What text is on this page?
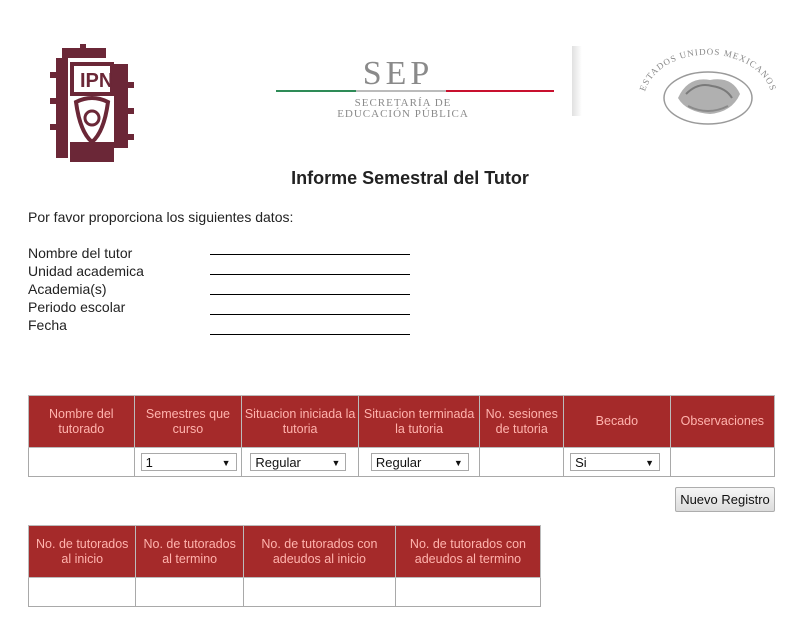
IPN	SEP
SECRETARÍA DE
EDUCACIÓN PÚBLICA
ESTADOS UNIDOS MEXICANOS
Informe Semestral del Tutor
Por favor proporciona los siguientes datos:
Nombre del tutor
Unidad academica
Academia(s)
Periodo escolar
Fecha
Nombre del tutorado	Semestres que curso	Situacion iniciada la tutoria	Situacion terminada la tutoria	No. sesiones de tutoria	Becado	Observaciones
	1 ▼	Regular ▼	Regular ▼		Si ▼	

Nuevo Registro
No. de tutorados al inicio	No. de tutorados al termino	No. de tutorados con adeudos al inicio	No. de tutorados con adeudos al termino
